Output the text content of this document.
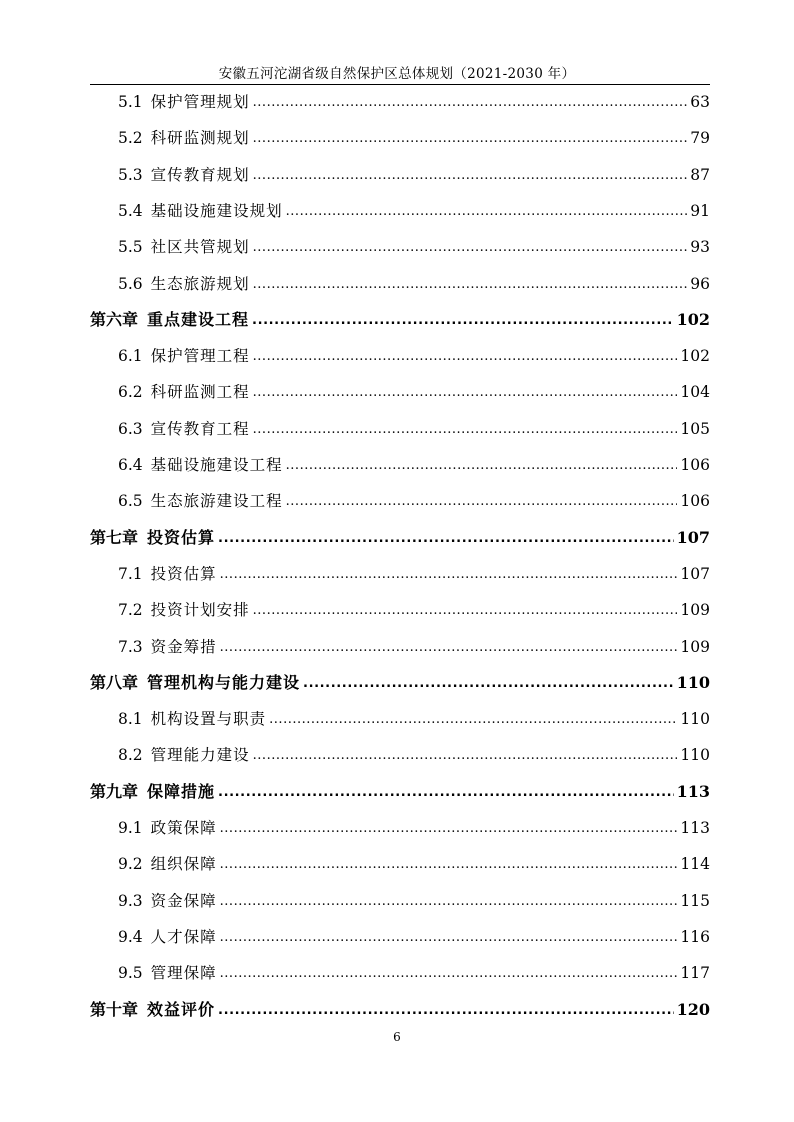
安徽五河沱湖省级自然保护区总体规划（2021-2030 年）
5.1 保护管理规划 .....	63
5.2 科研监测规划 .....	79
5.3 宣传教育规划 .....	87
5.4 基础设施建设规划 .....	91
5.5 社区共管规划 .....	93
5.6 生态旅游规划 .....	96
第六章 重点建设工程 .....	102
6.1 保护管理工程 .....	102
6.2 科研监测工程 .....	104
6.3 宣传教育工程 .....	105
6.4 基础设施建设工程 .....	106
6.5 生态旅游建设工程 .....	106
第七章 投资估算 .....	107
7.1 投资估算 .....	107
7.2 投资计划安排 .....	109
7.3 资金筹措 .....	109
第八章 管理机构与能力建设 .....	110
8.1 机构设置与职责 .....	110
8.2 管理能力建设 .....	110
第九章 保障措施 .....	113
9.1 政策保障 .....	113
9.2 组织保障 .....	114
9.3 资金保障 .....	115
9.4 人才保障 .....	116
9.5 管理保障 .....	117
第十章 效益评价 .....	120
6
